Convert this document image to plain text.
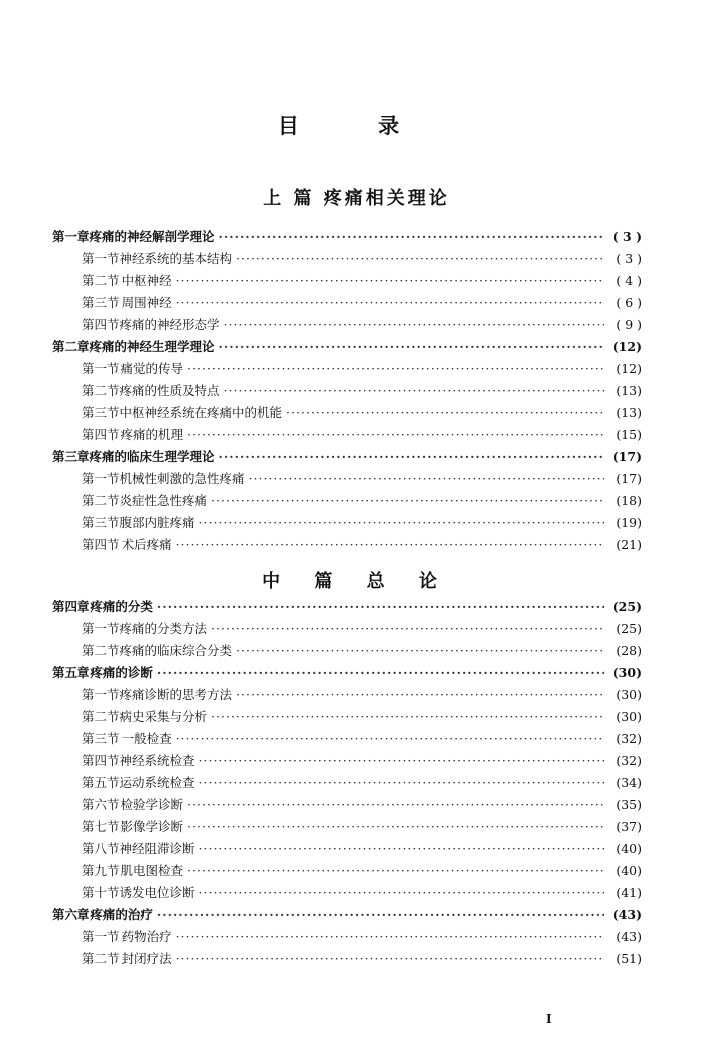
目 录
上 篇 疼痛相关理论
第一章 疼痛的神经解剖学理论 ·····	( 3 )
第一节 神经系统的基本结构 ·····	( 3 )
第二节 中枢神经 ·····	( 4 )
第三节 周围神经 ·····	( 6 )
第四节 疼痛的神经形态学 ·····	( 9 )
第二章 疼痛的神经生理学理论 ·····	(12)
第一节 痛觉的传导 ·····	(12)
第二节 疼痛的性质及特点 ·····	(13)
第三节 中枢神经系统在疼痛中的机能 ·····	(13)
第四节 疼痛的机理 ·····	(15)
第三章 疼痛的临床生理学理论 ·····	(17)
第一节 机械性刺激的急性疼痛 ·····	(17)
第二节 炎症性急性疼痛 ·····	(18)
第三节 腹部内脏疼痛 ·····	(19)
第四节 术后疼痛 ·····	(21)
中 篇 总 论
第四章 疼痛的分类 ·····	(25)
第一节 疼痛的分类方法 ·····	(25)
第二节 疼痛的临床综合分类 ·····	(28)
第五章 疼痛的诊断 ·····	(30)
第一节 疼痛诊断的思考方法 ·····	(30)
第二节 病史采集与分析 ·····	(30)
第三节 一般检查 ·····	(32)
第四节 神经系统检查 ·····	(32)
第五节 运动系统检查 ·····	(34)
第六节 检验学诊断 ·····	(35)
第七节 影像学诊断 ·····	(37)
第八节 神经阻滞诊断 ·····	(40)
第九节 肌电图检查 ·····	(40)
第十节 诱发电位诊断 ·····	(41)
第六章 疼痛的治疗 ·····	(43)
第一节 药物治疗 ·····	(43)
第二节 封闭疗法 ·····	(51)
I
